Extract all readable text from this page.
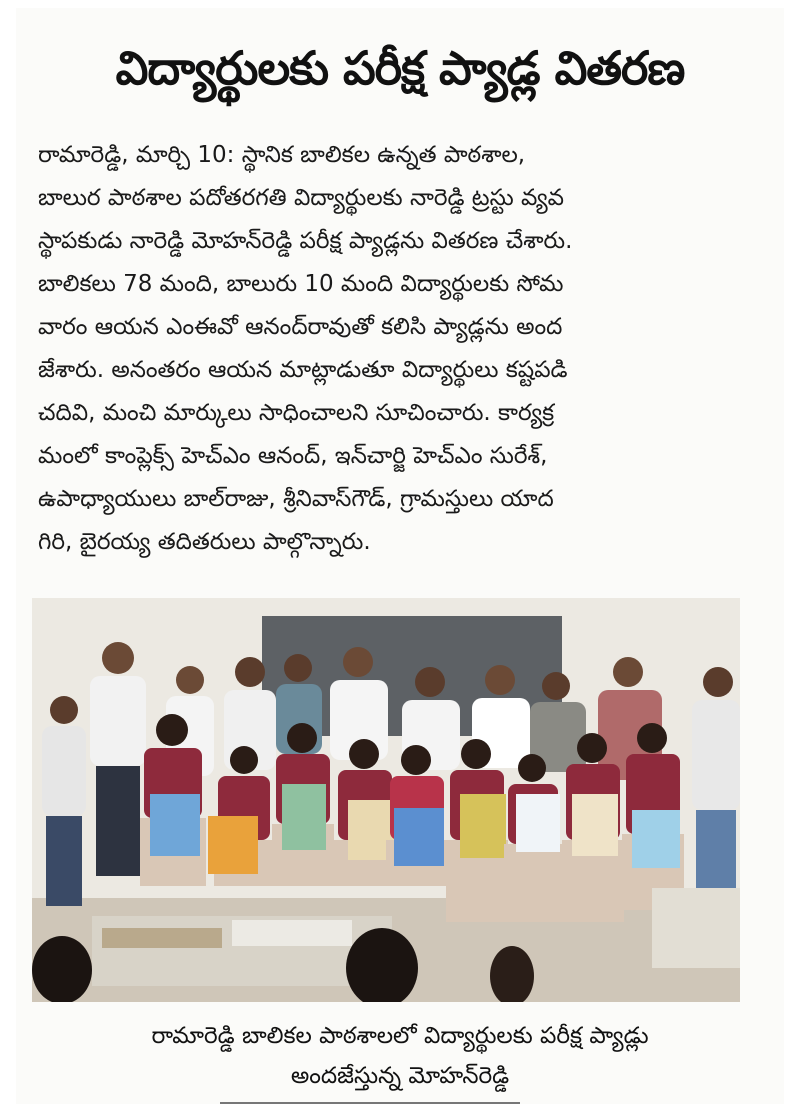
విద్యార్థులకు పరీక్ష ప్యాడ్ల వితరణ
రామారెడ్డి, మార్చి 10: స్థానిక బాలికల ఉన్నత పాఠశాల,
బాలుర పాఠశాల పదోతరగతి విద్యార్థులకు నారెడ్డి ట్రస్టు వ్యవ
స్థాపకుడు నారెడ్డి మోహన్‌రెడ్డి పరీక్ష ప్యాడ్లను వితరణ చేశారు.
బాలికలు 78 మంది, బాలురు 10 మంది విద్యార్థులకు సోమ
వారం ఆయన ఎంఈవో ఆనంద్‌రావుతో కలిసి ప్యాడ్లను అంద
జేశారు. అనంతరం ఆయన మాట్లాడుతూ విద్యార్థులు కష్టపడి
చదివి, మంచి మార్కులు సాధించాలని సూచించారు. కార్యక్ర
మంలో కాంప్లెక్స్ హెచ్‌ఎం ఆనంద్, ఇన్‌చార్జి హెచ్‌ఎం సురేశ్,
ఉపాధ్యాయులు బాల్‌రాజు, శ్రీనివాస్‌గౌడ్, గ్రామస్తులు యాద
గిరి, బైరయ్య తదితరులు పాల్గొన్నారు.
రామారెడ్డి బాలికల పాఠశాలలో విద్యార్థులకు పరీక్ష ప్యాడ్లు
అందజేస్తున్న మోహన్‌రెడ్డి
